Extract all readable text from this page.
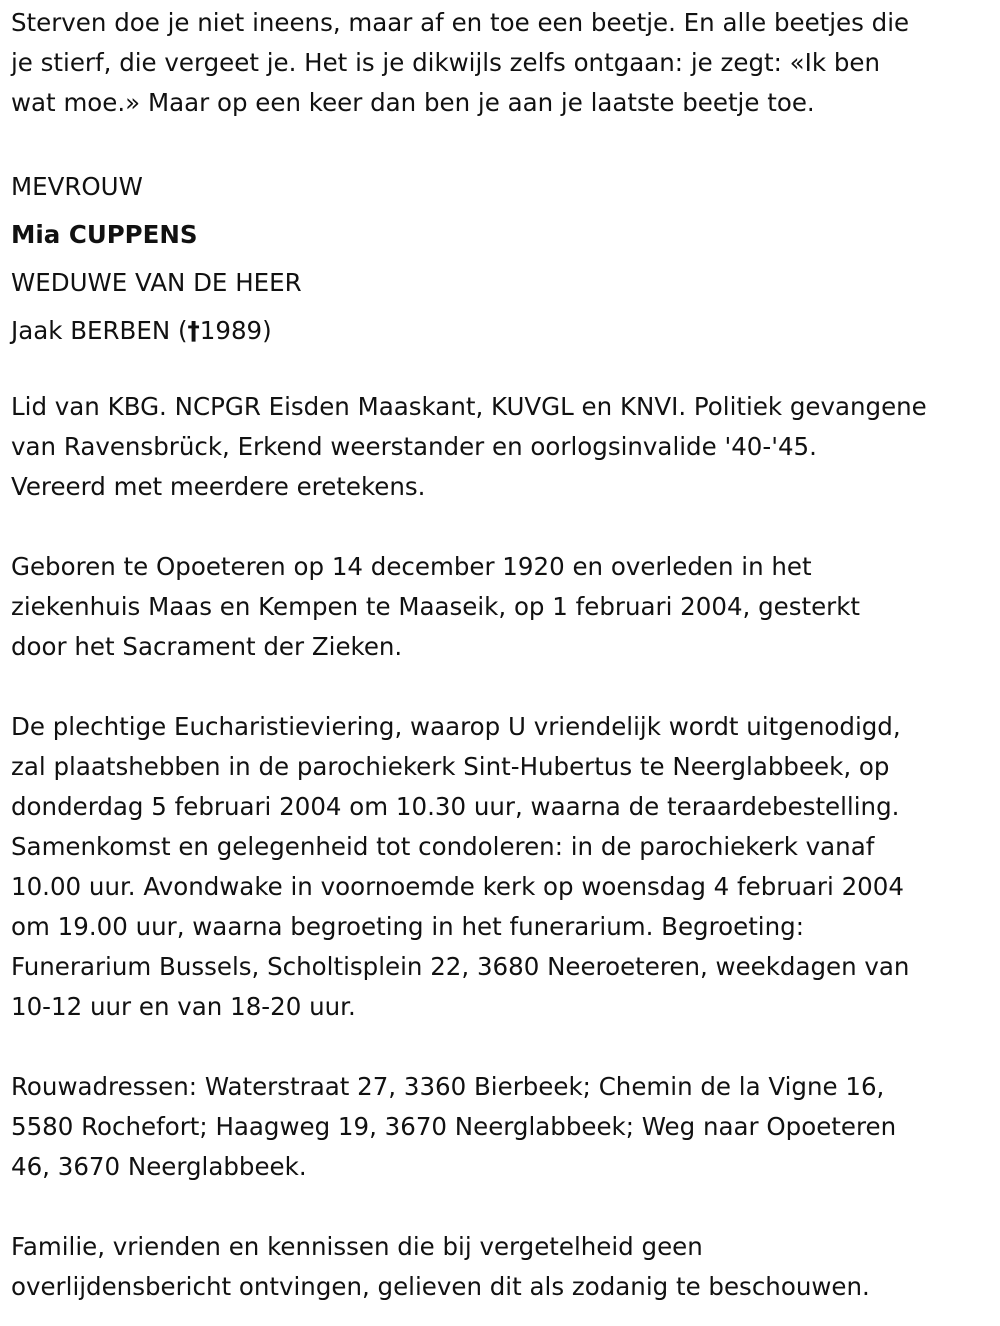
Sterven doe je niet ineens, maar af en toe een beetje. En alle beetjes die
je stierf, die vergeet je. Het is je dikwijls zelfs ontgaan: je zegt: «Ik ben
wat moe.» Maar op een keer dan ben je aan je laatste beetje toe.

MEVROUW
Mia CUPPENS
WEDUWE VAN DE HEER
Jaak BERBEN (†1989)

Lid van KBG. NCPGR Eisden Maaskant, KUVGL en KNVI. Politiek gevangene
van Ravensbrück, Erkend weerstander en oorlogsinvalide '40-'45.
Vereerd met meerdere eretekens.

Geboren te Opoeteren op 14 december 1920 en overleden in het
ziekenhuis Maas en Kempen te Maaseik, op 1 februari 2004, gesterkt
door het Sacrament der Zieken.

De plechtige Eucharistieviering, waarop U vriendelijk wordt uitgenodigd,
zal plaatshebben in de parochiekerk Sint-Hubertus te Neerglabbeek, op
donderdag 5 februari 2004 om 10.30 uur, waarna de teraardebestelling.
Samenkomst en gelegenheid tot condoleren: in de parochiekerk vanaf
10.00 uur. Avondwake in voornoemde kerk op woensdag 4 februari 2004
om 19.00 uur, waarna begroeting in het funerarium. Begroeting:
Funerarium Bussels, Scholtisplein 22, 3680 Neeroeteren, weekdagen van
10-12 uur en van 18-20 uur.

Rouwadressen: Waterstraat 27, 3360 Bierbeek; Chemin de la Vigne 16,
5580 Rochefort; Haagweg 19, 3670 Neerglabbeek; Weg naar Opoeteren
46, 3670 Neerglabbeek.

Familie, vrienden en kennissen die bij vergetelheid geen
overlijdensbericht ontvingen, gelieven dit als zodanig te beschouwen.
